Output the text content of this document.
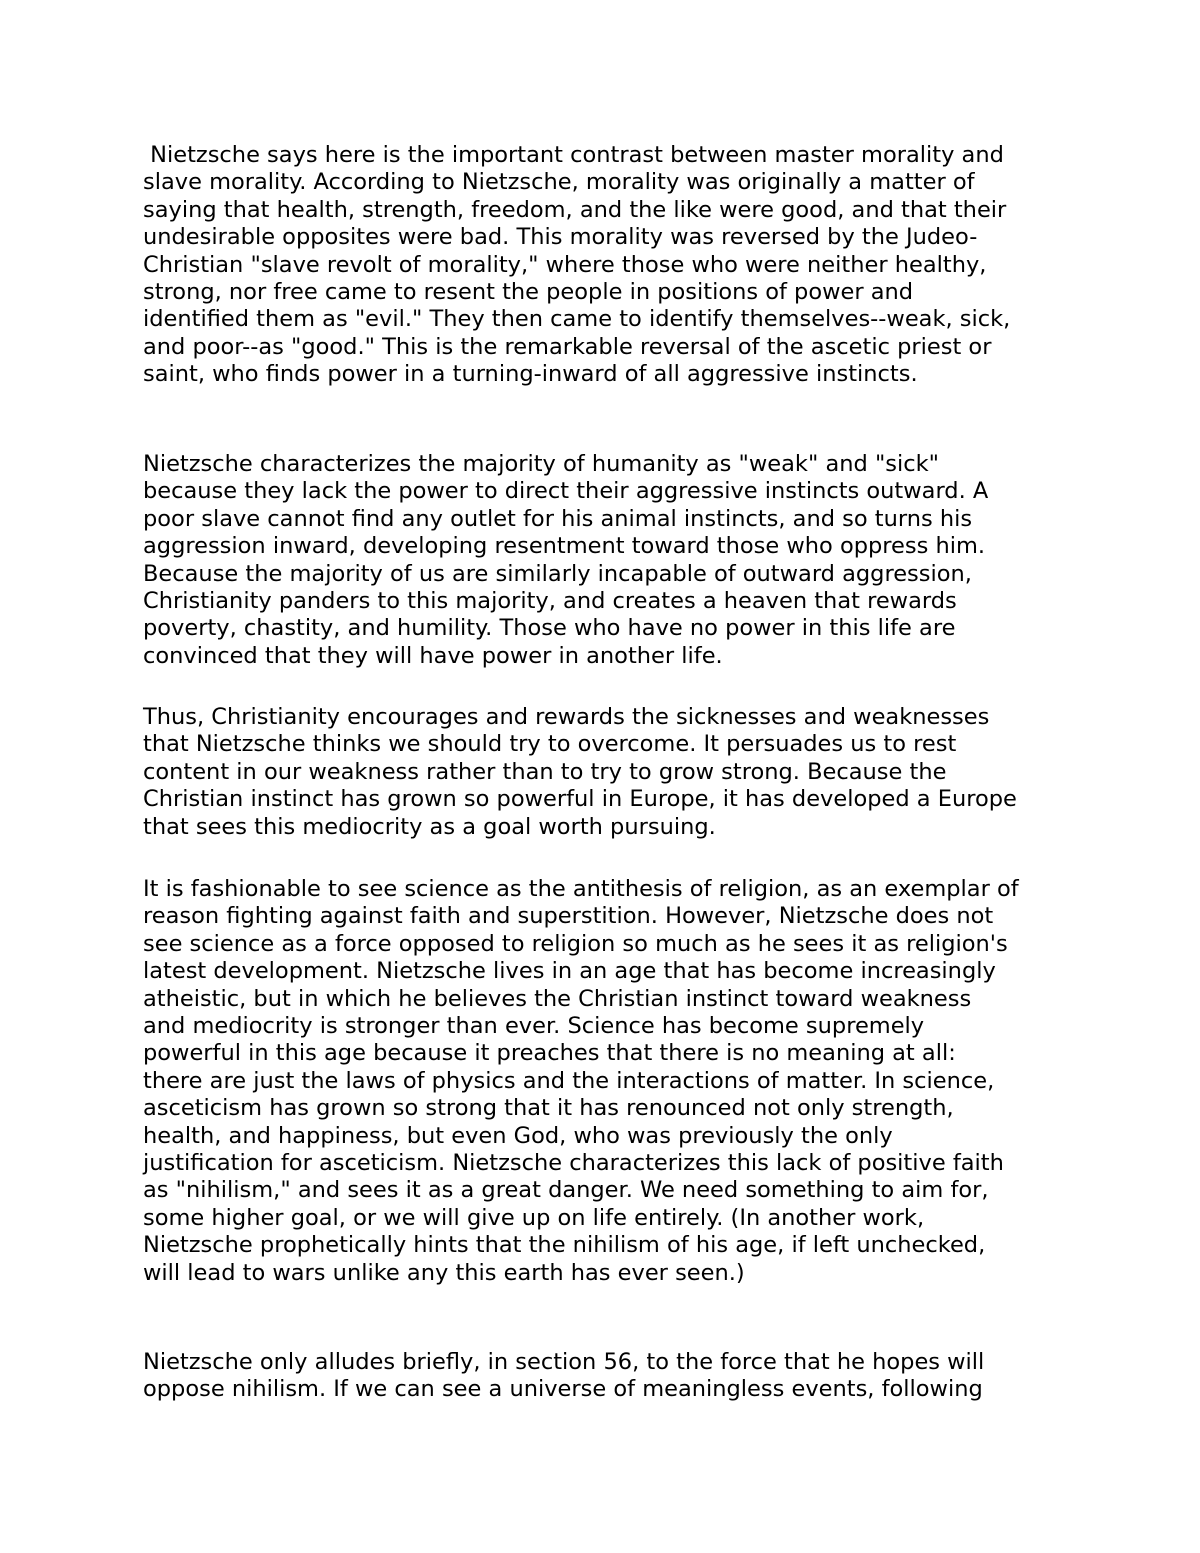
Nietzsche says here is the important contrast between master morality and
slave morality. According to Nietzsche, morality was originally a matter of
saying that health, strength, freedom, and the like were good, and that their
undesirable opposites were bad. This morality was reversed by the Judeo-
Christian "slave revolt of morality," where those who were neither healthy,
strong, nor free came to resent the people in positions of power and
identified them as "evil." They then came to identify themselves--weak, sick,
and poor--as "good." This is the remarkable reversal of the ascetic priest or
saint, who finds power in a turning-inward of all aggressive instincts.

Nietzsche characterizes the majority of humanity as "weak" and "sick"
because they lack the power to direct their aggressive instincts outward. A
poor slave cannot find any outlet for his animal instincts, and so turns his
aggression inward, developing resentment toward those who oppress him.
Because the majority of us are similarly incapable of outward aggression,
Christianity panders to this majority, and creates a heaven that rewards
poverty, chastity, and humility. Those who have no power in this life are
convinced that they will have power in another life.

Thus, Christianity encourages and rewards the sicknesses and weaknesses
that Nietzsche thinks we should try to overcome. It persuades us to rest
content in our weakness rather than to try to grow strong. Because the
Christian instinct has grown so powerful in Europe, it has developed a Europe
that sees this mediocrity as a goal worth pursuing.

It is fashionable to see science as the antithesis of religion, as an exemplar of
reason fighting against faith and superstition. However, Nietzsche does not
see science as a force opposed to religion so much as he sees it as religion's
latest development. Nietzsche lives in an age that has become increasingly
atheistic, but in which he believes the Christian instinct toward weakness
and mediocrity is stronger than ever. Science has become supremely
powerful in this age because it preaches that there is no meaning at all:
there are just the laws of physics and the interactions of matter. In science,
asceticism has grown so strong that it has renounced not only strength,
health, and happiness, but even God, who was previously the only
justification for asceticism. Nietzsche characterizes this lack of positive faith
as "nihilism," and sees it as a great danger. We need something to aim for,
some higher goal, or we will give up on life entirely. (In another work,
Nietzsche prophetically hints that the nihilism of his age, if left unchecked,
will lead to wars unlike any this earth has ever seen.)

Nietzsche only alludes briefly, in section 56, to the force that he hopes will
oppose nihilism. If we can see a universe of meaningless events, following
